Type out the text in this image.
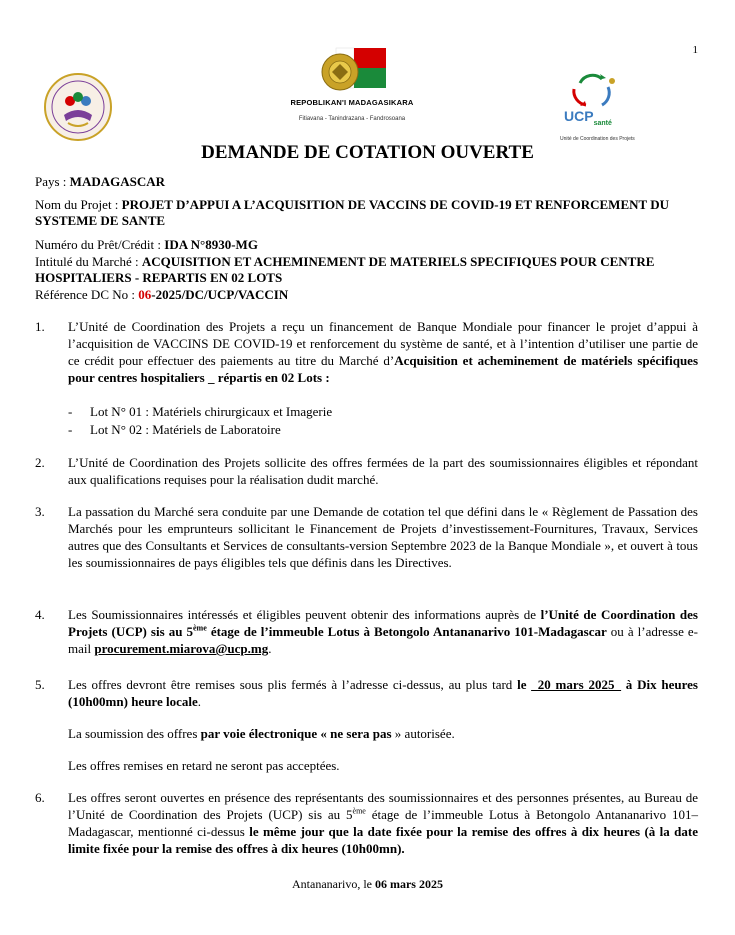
1
REPOBLIKAN'I MADAGASIKARA
Fitiavana - Tanindrazana - Fandrosoana	$UCP_{santé}$
Unité de Coordination des Projets
DEMANDE DE COTATION OUVERTE
Pays : MADAGASCAR
Nom du Projet : PROJET D’APPUI A L’ACQUISITION DE VACCINS DE COVID-19 ET RENFORCEMENT DU SYSTEME DE SANTE
Numéro du Prêt/Crédit : IDA N°8930-MG
Intitulé du Marché : ACQUISITION ET ACHEMINEMENT DE MATERIELS SPECIFIQUES POUR CENTRE HOSPITALIERS - REPARTIS EN 02 LOTS
Référence DC No : 06-2025/DC/UCP/VACCIN
1. L’Unité de Coordination des Projets a reçu un financement de Banque Mondiale pour financer le projet d’appui à l’acquisition de VACCINS DE COVID-19 et renforcement du système de santé, et à l’intention d’utiliser une partie de ce crédit pour effectuer des paiements au titre du Marché d’Acquisition et acheminement de matériels spécifiques pour centres hospitaliers _ répartis en 02 Lots :
- Lot N° 01 : Matériels chirurgicaux et Imagerie
- Lot N° 02 : Matériels de Laboratoire
2. L’Unité de Coordination des Projets sollicite des offres fermées de la part des soumissionnaires éligibles et répondant aux qualifications requises pour la réalisation dudit marché.
3. La passation du Marché sera conduite par une Demande de cotation tel que défini dans le « Règlement de Passation des Marchés pour les emprunteurs sollicitant le Financement de Projets d’investissement-Fournitures, Travaux, Services autres que des Consultants et Services de consultants-version Septembre 2023 de la Banque Mondiale », et ouvert à tous les soumissionnaires de pays éligibles tels que définis dans les Directives.
4. Les Soumissionnaires intéressés et éligibles peuvent obtenir des informations auprès de l’Unité de Coordination des Projets (UCP) sis au 5ème étage de l’immeuble Lotus à Betongolo Antananarivo 101-Madagascar ou à l’adresse e-mail procurement.miarova@ucp.mg.
5. Les offres devront être remises sous plis fermés à l’adresse ci-dessus, au plus tard le _20 mars 2025_ à Dix heures (10h00mn) heure locale.
La soumission des offres par voie électronique « ne sera pas » autorisée.
Les offres remises en retard ne seront pas acceptées.
6. Les offres seront ouvertes en présence des représentants des soumissionnaires et des personnes présentes, au Bureau de l’Unité de Coordination des Projets (UCP) sis au 5ème étage de l’immeuble Lotus à Betongolo Antananarivo 101– Madagascar, mentionné ci-dessus le même jour que la date fixée pour la remise des offres à dix heures (à la date limite fixée pour la remise des offres à dix heures (10h00mn).
Antananarivo, le 06 mars 2025
